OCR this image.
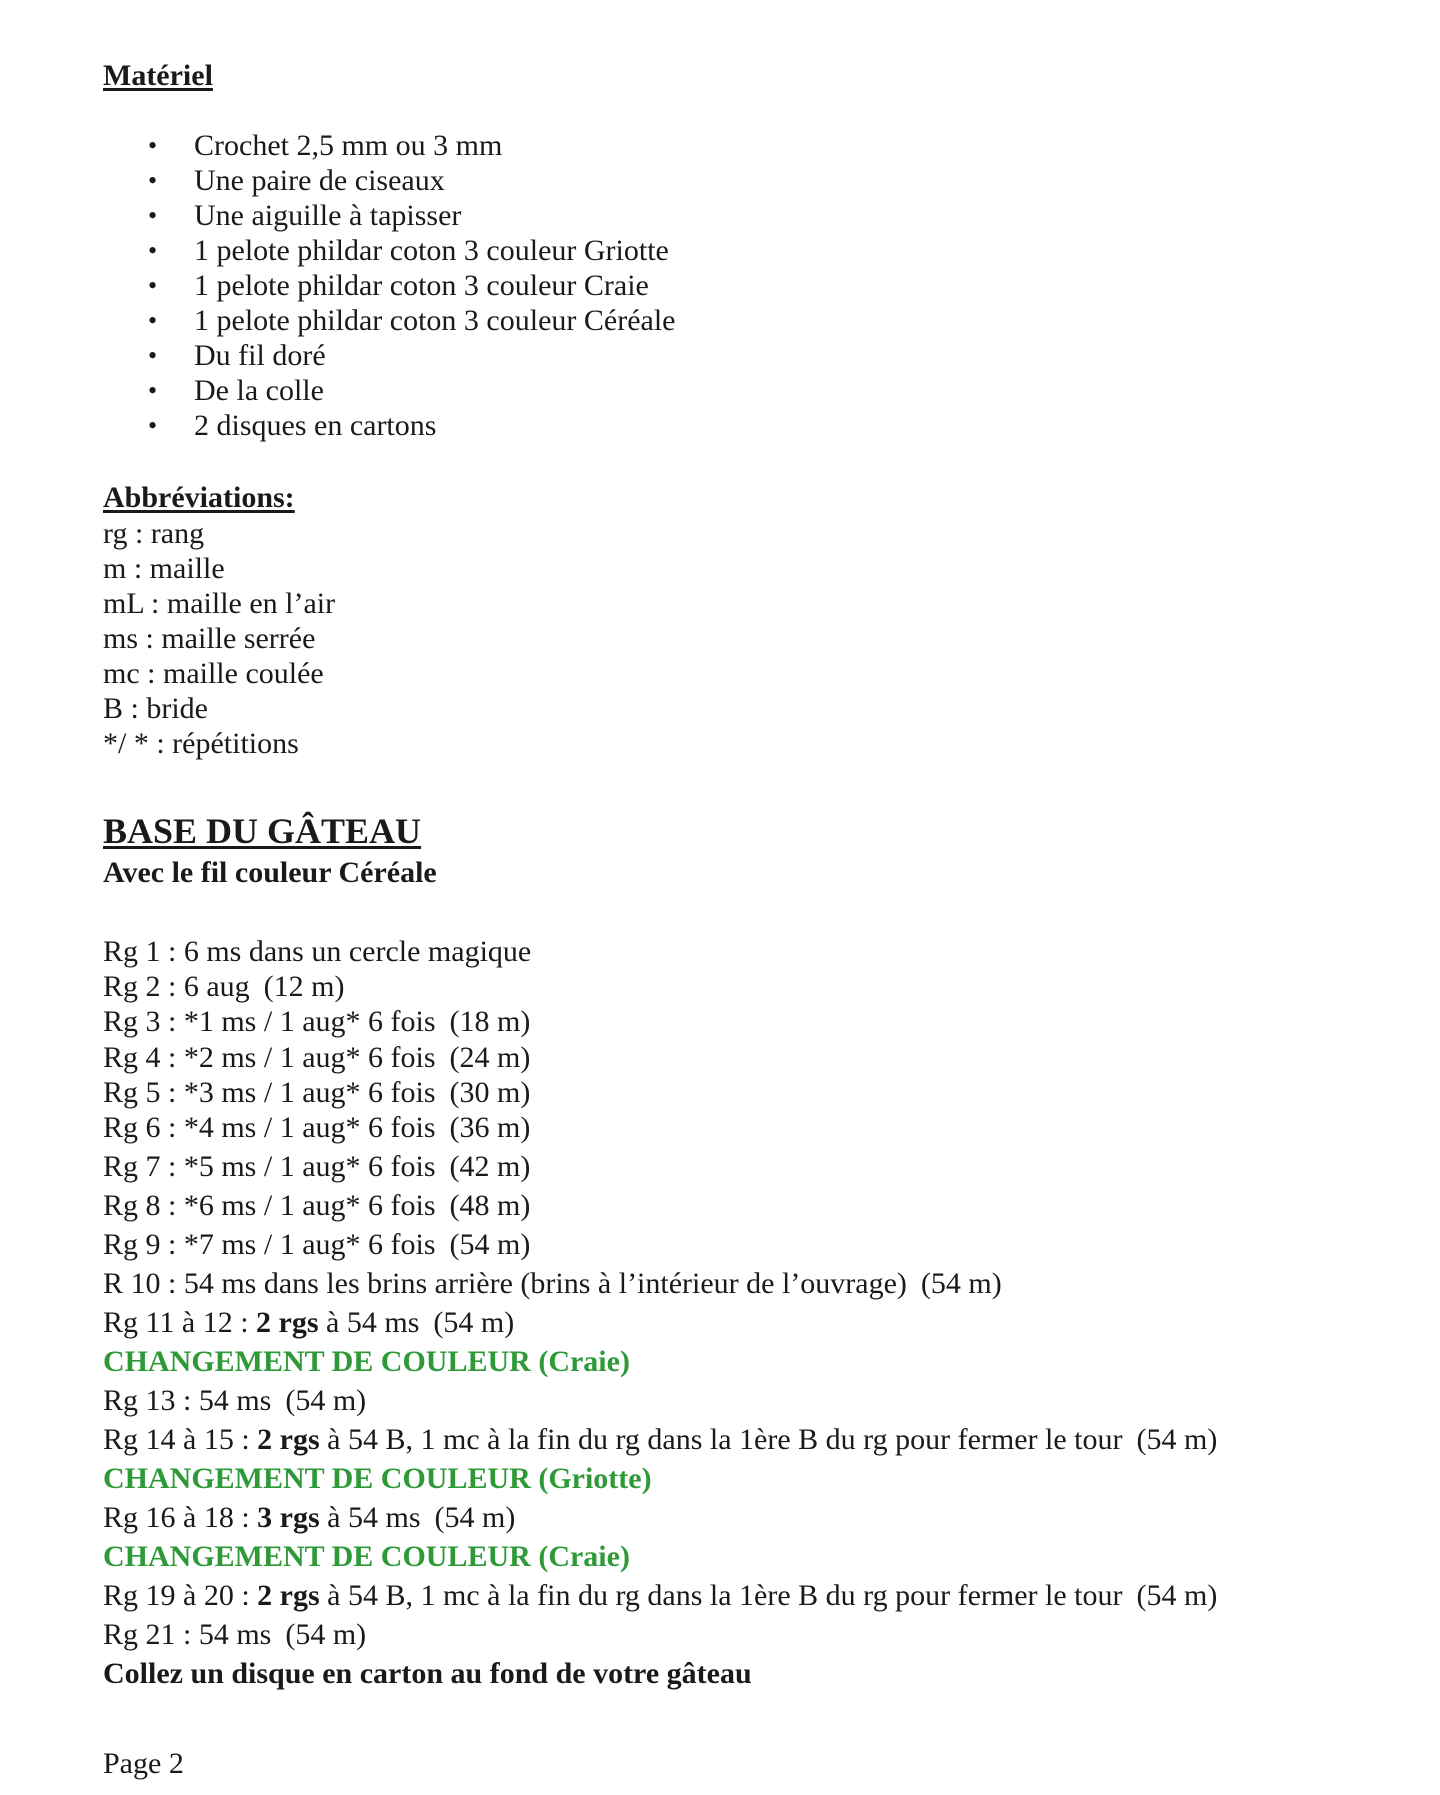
Matériel
• Crochet 2,5 mm ou 3 mm
• Une paire de ciseaux
• Une aiguille à tapisser
• 1 pelote phildar coton 3 couleur Griotte
• 1 pelote phildar coton 3 couleur Craie
• 1 pelote phildar coton 3 couleur Céréale
• Du fil doré
• De la colle
• 2 disques en cartons
Abbréviations:
rg : rang
m : maille
mL : maille en l’air
ms : maille serrée
mc : maille coulée
B : bride
*/ * : répétitions
BASE DU GÂTEAU
Avec le fil couleur Céréale
Rg 1 : 6 ms dans un cercle magique
Rg 2 : 6 aug (12 m)
Rg 3 : *1 ms / 1 aug* 6 fois (18 m)
Rg 4 : *2 ms / 1 aug* 6 fois (24 m)
Rg 5 : *3 ms / 1 aug* 6 fois (30 m)
Rg 6 : *4 ms / 1 aug* 6 fois (36 m)
Rg 7 : *5 ms / 1 aug* 6 fois (42 m)
Rg 8 : *6 ms / 1 aug* 6 fois (48 m)
Rg 9 : *7 ms / 1 aug* 6 fois (54 m)
R 10 : 54 ms dans les brins arrière (brins à l’intérieur de l’ouvrage) (54 m)
Rg 11 à 12 : 2 rgs à 54 ms (54 m)
CHANGEMENT DE COULEUR (Craie)
Rg 13 : 54 ms (54 m)
Rg 14 à 15 : 2 rgs à 54 B, 1 mc à la fin du rg dans la 1ère B du rg pour fermer le tour (54 m)
CHANGEMENT DE COULEUR (Griotte)
Rg 16 à 18 : 3 rgs à 54 ms (54 m)
CHANGEMENT DE COULEUR (Craie)
Rg 19 à 20 : 2 rgs à 54 B, 1 mc à la fin du rg dans la 1ère B du rg pour fermer le tour (54 m)
Rg 21 : 54 ms (54 m)
Collez un disque en carton au fond de votre gâteau
Page 2
